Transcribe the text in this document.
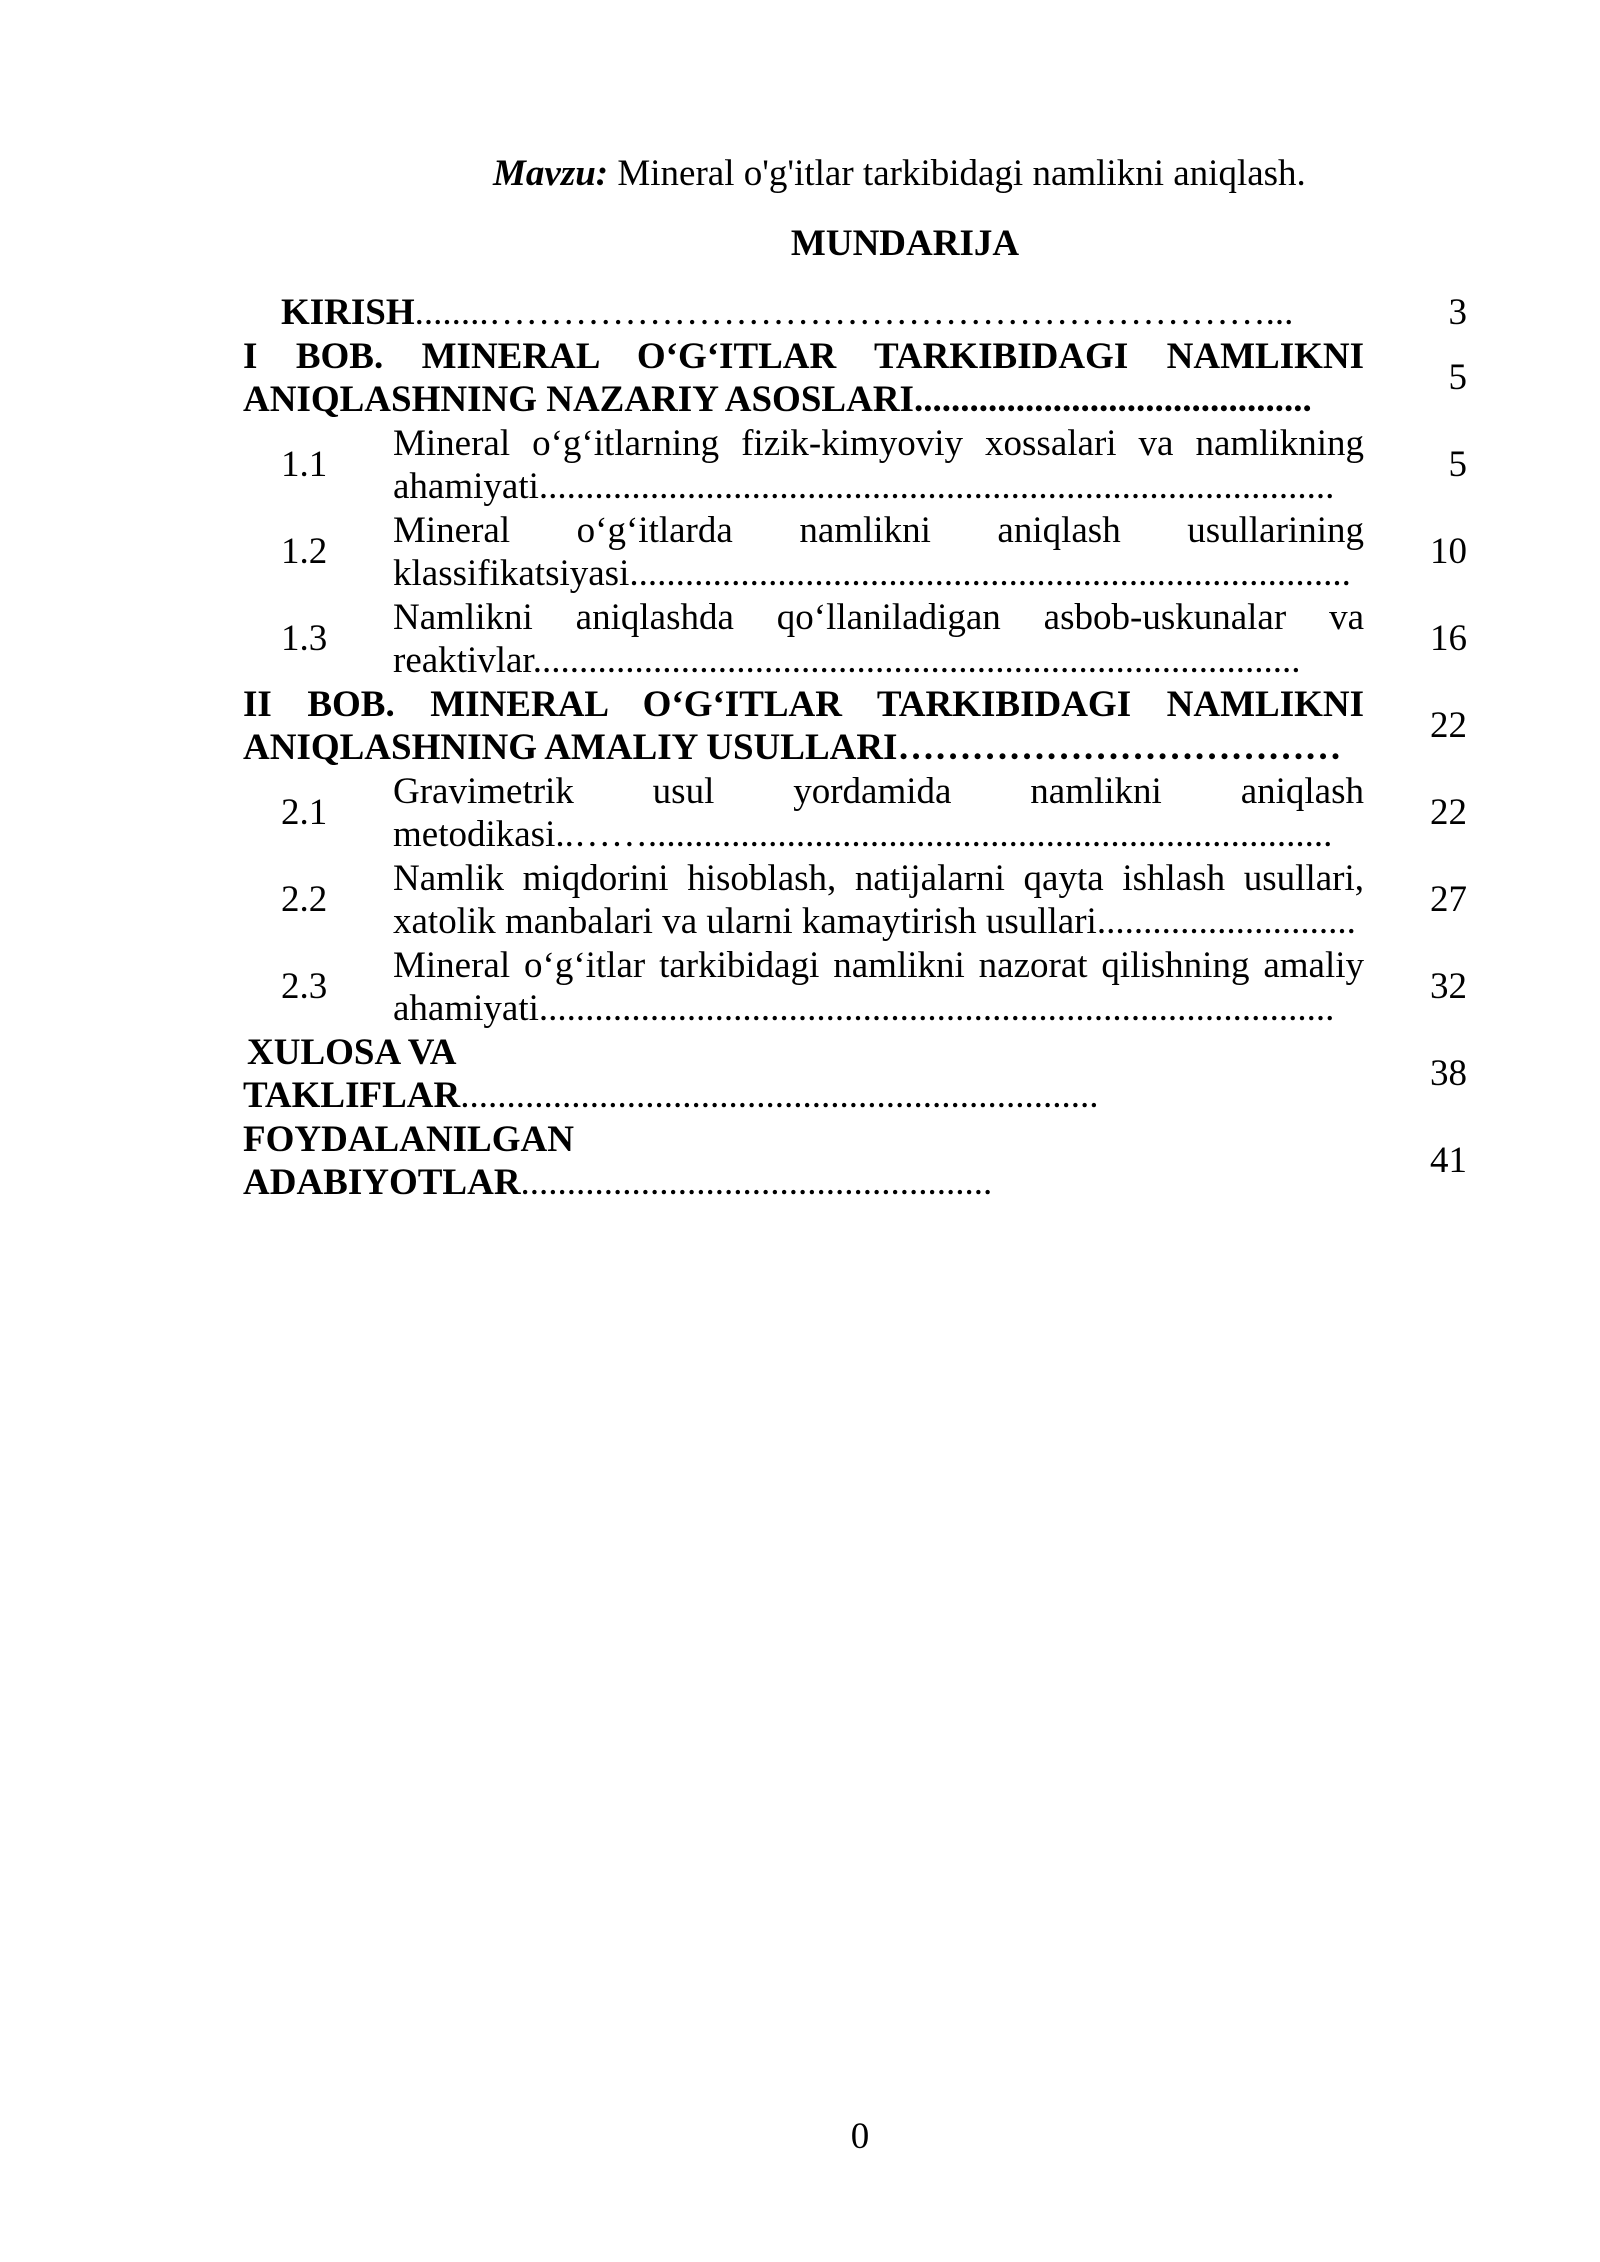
Mavzu: Mineral o'g'itlar tarkibidagi namlikni aniqlash.
MUNDARIJA
KIRISH........………………………………………………………...	3
I BOB. MINERAL O‘G‘ITLAR TARKIBIDAGI NAMLIKNI ANIQLASHNING NAZARIY ASOSLARI...........................................
5
1.1
Mineral o‘g‘itlarning fizik-kimyoviy xossalari va namlikning ahamiyati......................................................................................
5
1.2
Mineral o‘g‘itlarda namlikni aniqlash usullarining klassifikatsiyasi..............................................................................
10
1.3
Namlikni aniqlashda qo‘llaniladigan asbob-uskunalar va reaktivlar...................................................................................
16
II BOB. MINERAL O‘G‘ITLAR TARKIBIDAGI NAMLIKNI ANIQLASHNING AMALIY USULLARI………………………………
22
2.1
Gravimetrik usul yordamida namlikni aniqlash metodikasi..……..........................................................................
22
2.2
Namlik miqdorini hisoblash, natijalarni qayta ishlash usullari, xatolik manbalari va ularni kamaytirish usullari............................
27
2.3
Mineral o‘g‘itlar tarkibidagi namlikni nazorat qilishning amaliy ahamiyati......................................................................................
32
XULOSA VA
TAKLIFLAR.....................................................................
38
FOYDALANILGAN
ADABIYOTLAR...................................................
41
0
